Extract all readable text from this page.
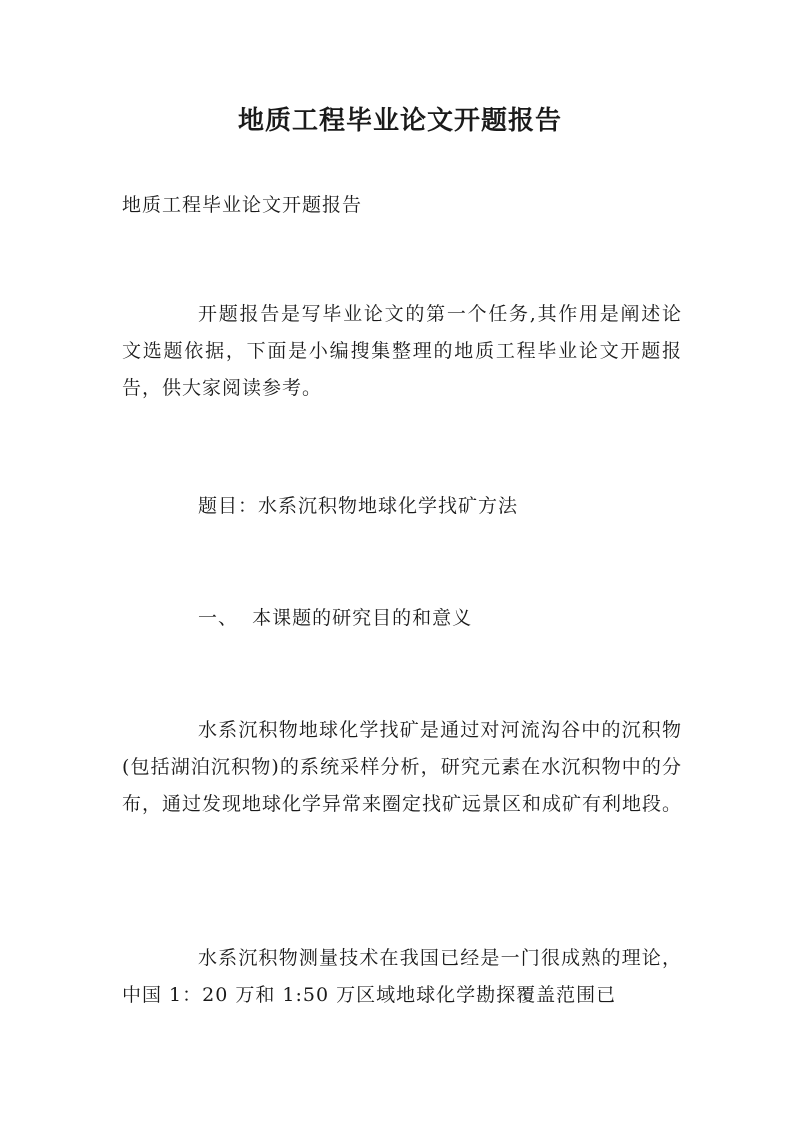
地质工程毕业论文开题报告

地质工程毕业论文开题报告

开题报告是写毕业论文的第一个任务,其作用是阐述论文选题依据，下面是小编搜集整理的地质工程毕业论文开题报告，供大家阅读参考。

题目：水系沉积物地球化学找矿方法

一、  本课题的研究目的和意义

水系沉积物地球化学找矿是通过对河流沟谷中的沉积物(包括湖泊沉积物)的系统采样分析，研究元素在水沉积物中的分布，通过发现地球化学异常来圈定找矿远景区和成矿有利地段。

水系沉积物测量技术在我国已经是一门很成熟的理论，中国 1：20 万和 1:50 万区域地球化学勘探覆盖范围已
